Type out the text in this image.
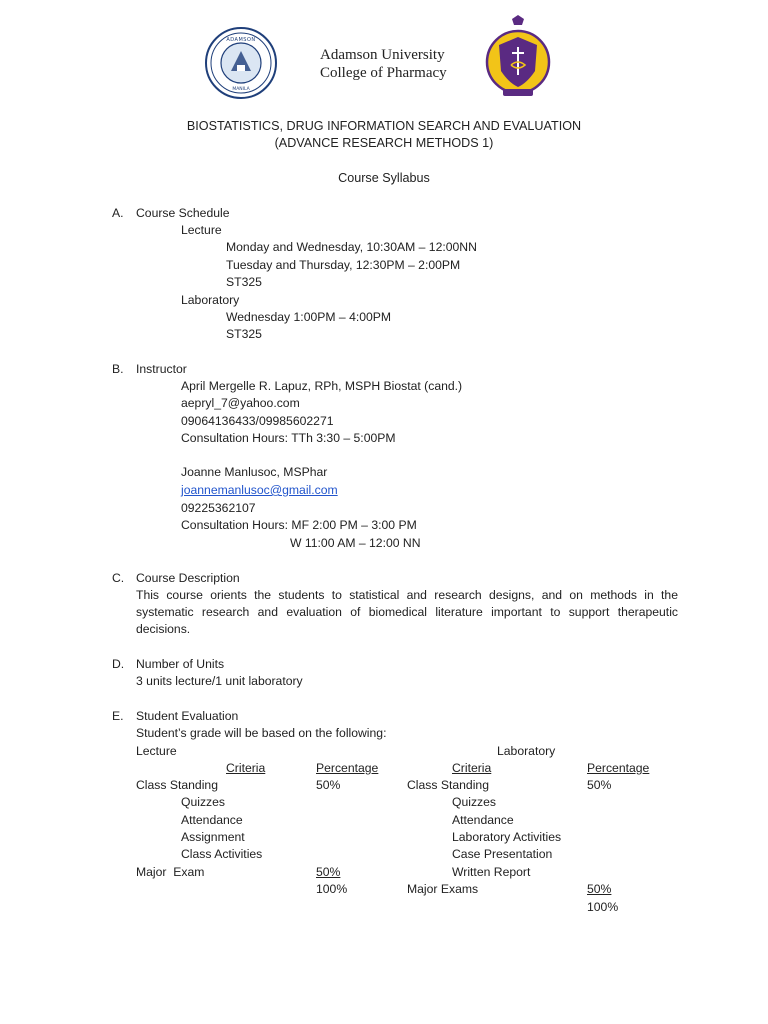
ADAMSON
MANILA
Adamson University
College of Pharmacy
BIOSTATISTICS, DRUG INFORMATION SEARCH AND EVALUATION
(ADVANCE RESEARCH METHODS 1)
Course Syllabus
A. Course Schedule
Lecture
Monday and Wednesday, 10:30AM – 12:00NN
Tuesday and Thursday, 12:30PM – 2:00PM
ST325
Laboratory
Wednesday 1:00PM – 4:00PM
ST325
B. Instructor
April Mergelle R. Lapuz, RPh, MSPH Biostat (cand.)
aepryl_7@yahoo.com
09064136433/09985602271
Consultation Hours: TTh 3:30 – 5:00PM
Joanne Manlusoc, MSPhar
joannemanlusoc@gmail.com
09225362107
Consultation Hours: MF 2:00 PM – 3:00 PM
W 11:00 AM – 12:00 NN
C. Course Description
This course orients the students to statistical and research designs, and on methods in the
systematic research and evaluation of biomedical literature important to support therapeutic
decisions.
D. Number of Units
3 units lecture/1 unit laboratory
E. Student Evaluation
Student’s grade will be based on the following:
Lecture	Laboratory
Criteria	Percentage
Class Standing	50%
Quizzes
Attendance
Assignment
Class Activities
Major  Exam	50%
100%
Criteria	Percentage
Class Standing	50%
Quizzes
Attendance
Laboratory Activities
Case Presentation
Written Report
Major Exams	50%
100%
